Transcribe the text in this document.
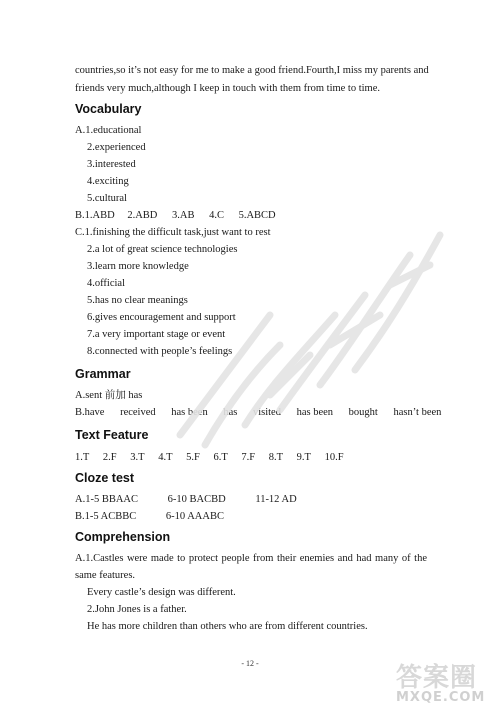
countries,so it’s not easy for me to make a good friend.Fourth,I miss my parents and
friends very much,although I keep in touch with them from time to time.
Vocabulary
A.1.educational
2.experienced
3.interested
4.exciting
5.cultural
B.1.ABD 2.ABD 3.AB 4.C 5.ABCD
C.1.finishing the difficult task,just want to rest
2.a lot of great science technologies
3.learn more knowledge
4.official
5.has no clear meanings
6.gives encouragement and support
7.a very important stage or event
8.connected with people’s feelings
Grammar
A.sent 前加 has
B.have received has been has visited has been bought hasn’t been
Text Feature
1.T 2.F 3.T 4.T 5.F 6.T 7.F 8.T 9.T 10.F
Cloze test
A.1-5 BBAAC	6-10 BACBD	11-12 AD
B.1-5 ACBBC	6-10 AAABC
Comprehension
A.1.Castles were made to protect people from their enemies and had many of the
same features.
Every castle’s design was different.
2.John Jones is a father.
He has more children than others who are from different countries.
- 12 -	答案圈
MXQE.COM
